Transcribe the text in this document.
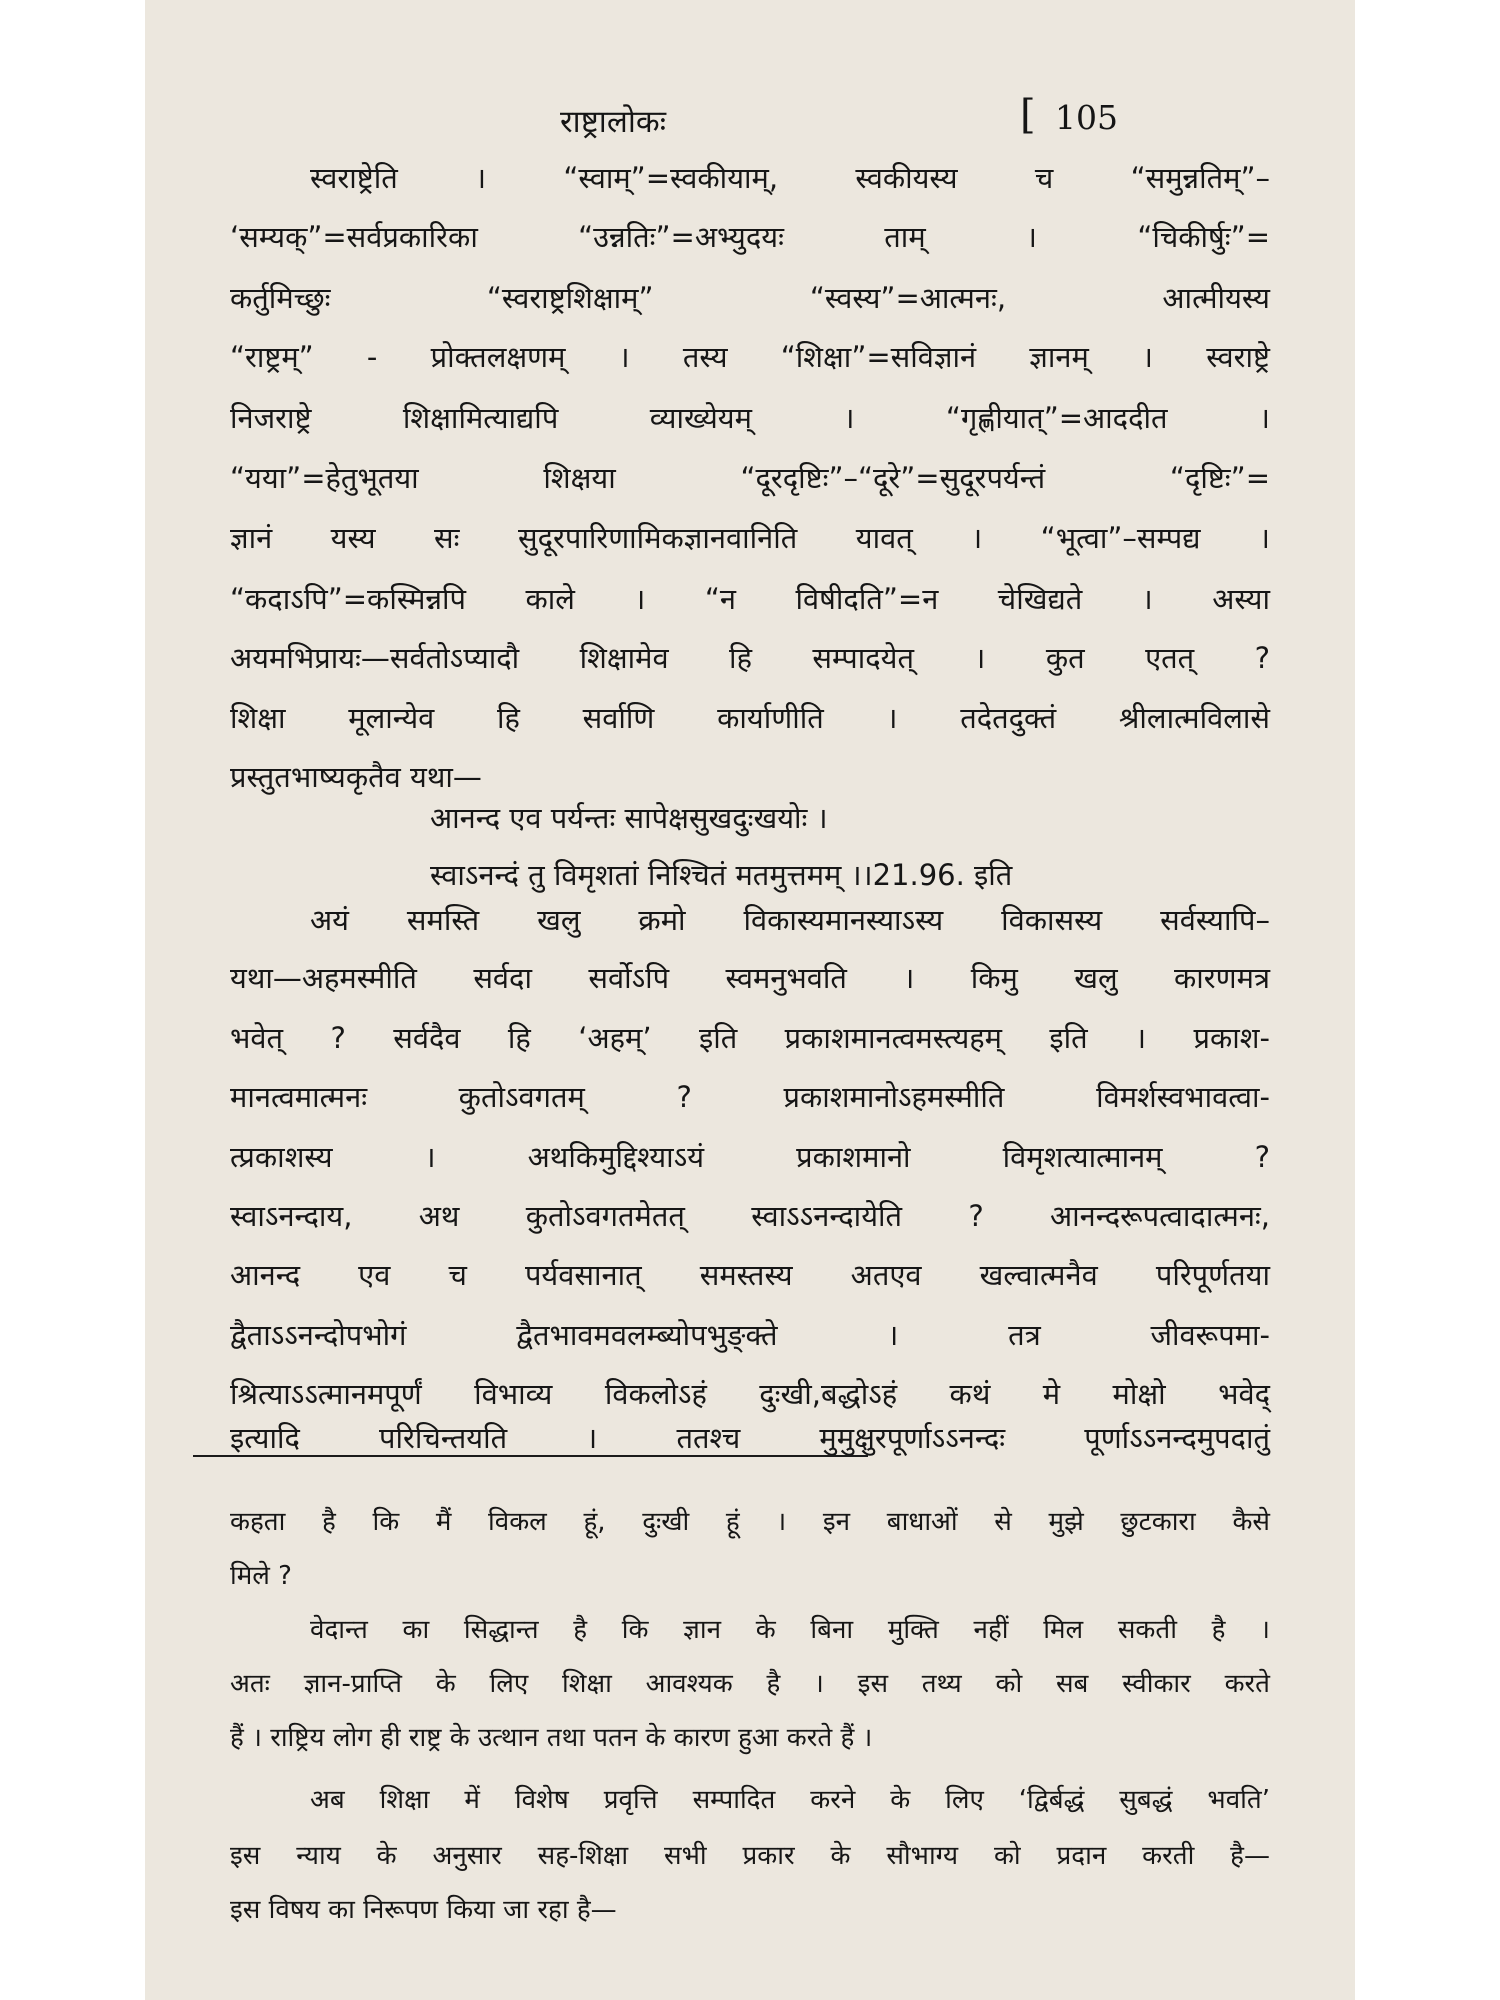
राष्ट्रालोकः	[ 105
स्वराष्ट्रेति । “स्वाम्”=स्वकीयाम्, स्वकीयस्य च “समुन्नतिम्”–
‘सम्यक्”=सर्वप्रकारिका “उन्नतिः”=अभ्युदयः ताम् । “चिकीर्षुः”=
कर्तुमिच्छुः “स्वराष्ट्रशिक्षाम्” “स्वस्य”=आत्मनः, आत्मीयस्य
“राष्ट्रम्” - प्रोक्तलक्षणम् । तस्य “शिक्षा”=सविज्ञानं ज्ञानम् । स्वराष्ट्रे
निजराष्ट्रे शिक्षामित्याद्यपि व्याख्येयम् । “गृह्णीयात्”=आददीत ।
“यया”=हेतुभूतया शिक्षया “दूरदृष्टिः”–“दूरे”=सुदूरपर्यन्तं “दृष्टिः”=
ज्ञानं यस्य सः सुदूरपारिणामिकज्ञानवानिति यावत् । “भूत्वा”–सम्पद्य ।
“कदाऽपि”=कस्मिन्नपि काले । “न विषीदति”=न चेखिद्यते । अस्या
अयमभिप्रायः—सर्वतोऽप्यादौ शिक्षामेव हि सम्पादयेत् । कुत एतत् ?
शिक्षा मूलान्येव हि सर्वाणि कार्याणीति । तदेतदुक्तं श्रीलात्मविलासे
प्रस्तुतभाष्यकृतैव यथा—
आनन्द एव पर्यन्तः सापेक्षसुखदुःखयोः ।
स्वाऽनन्दं तु विमृशतां निश्चितं मतमुत्तमम् ।।21.96. इति
अयं समस्ति खलु क्रमो विकास्यमानस्याऽस्य विकासस्य सर्वस्यापि–
यथा—अहमस्मीति सर्वदा सर्वोऽपि स्वमनुभवति । किमु खलु कारणमत्र
भवेत् ? सर्वदैव हि ‘अहम्’ इति प्रकाशमानत्वमस्त्यहम् इति । प्रकाश-
मानत्वमात्मनः कुतोऽवगतम् ? प्रकाशमानोऽहमस्मीति विमर्शस्वभावत्वा-
त्प्रकाशस्य । अथकिमुद्दिश्याऽयं प्रकाशमानो विमृशत्यात्मानम् ?
स्वाऽनन्दाय, अथ कुतोऽवगतमेतत् स्वाऽऽनन्दायेति ? आनन्दरूपत्वादात्मनः,
आनन्द एव च पर्यवसानात् समस्तस्य अतएव खल्वात्मनैव परिपूर्णतया
द्वैताऽऽनन्दोपभोगं द्वैतभावमवलम्ब्योपभुङ्क्ते । तत्र जीवरूपमा-
श्रित्याऽऽत्मानमपूर्णं विभाव्य विकलोऽहं दुःखी,बद्धोऽहं कथं मे मोक्षो भवेद्
इत्यादि परिचिन्तयति । ततश्च मुमुक्षुरपूर्णाऽऽनन्दः पूर्णाऽऽनन्दमुपदातुं
कहता है कि मैं विकल हूं, दुःखी हूं । इन बाधाओं से मुझे छुटकारा कैसे
मिले ?
वेदान्त का सिद्धान्त है कि ज्ञान के बिना मुक्ति नहीं मिल सकती है ।
अतः ज्ञान-प्राप्ति के लिए शिक्षा आवश्यक है । इस तथ्य को सब स्वीकार करते
हैं । राष्ट्रिय लोग ही राष्ट्र के उत्थान तथा पतन के कारण हुआ करते हैं ।
अब शिक्षा में विशेष प्रवृत्ति सम्पादित करने के लिए ‘द्विर्बद्धं सुबद्धं भवति’
इस न्याय के अनुसार सह-शिक्षा सभी प्रकार के सौभाग्य को प्रदान करती है—
इस विषय का निरूपण किया जा रहा है—
